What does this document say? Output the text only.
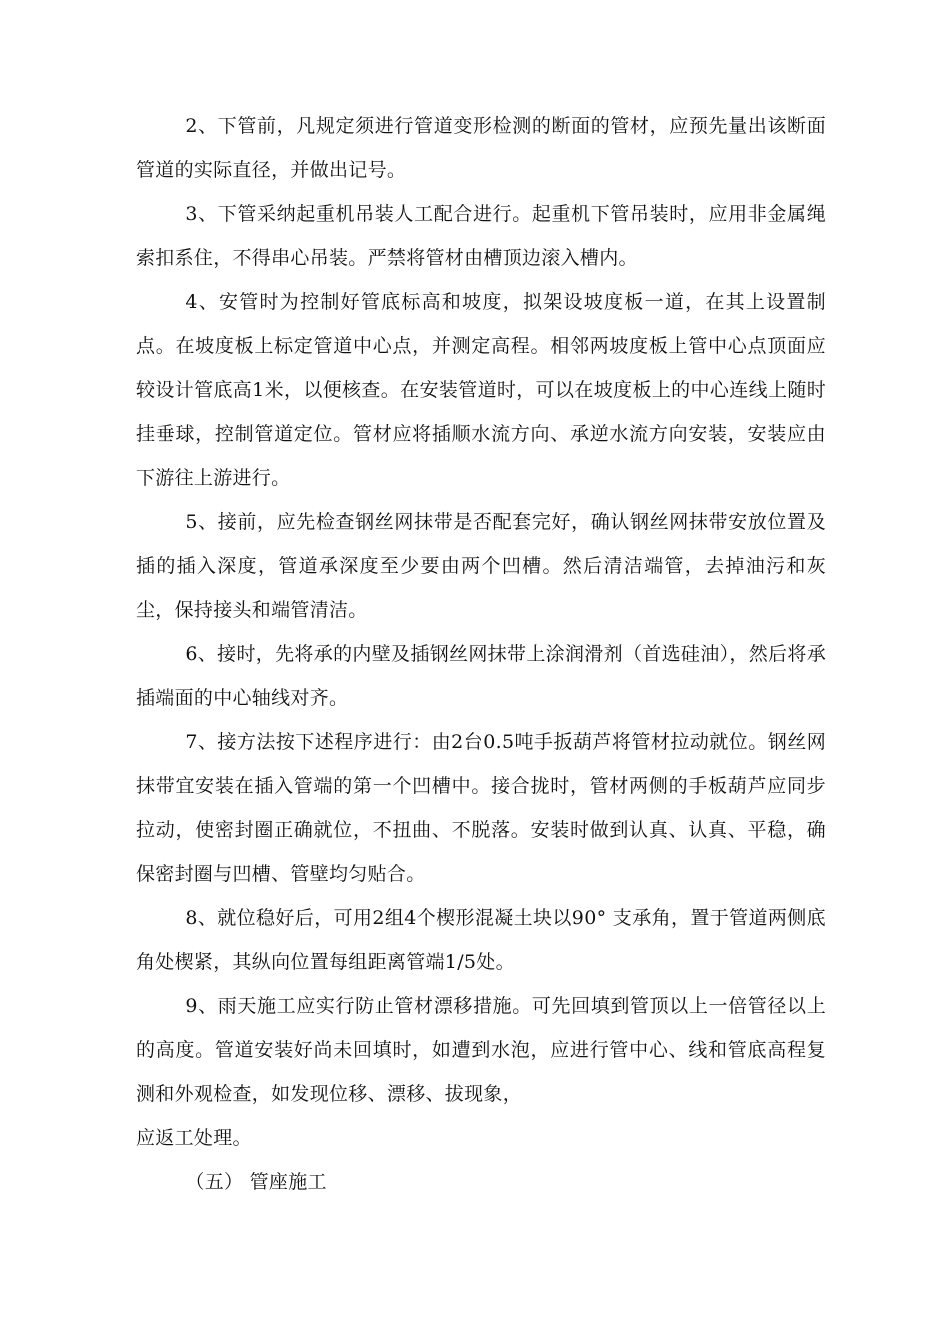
2、下管前，凡规定须进行管道变形检测的断面的管材，应预先量出该断面管道的实际直径，并做出记号。

3、下管采纳起重机吊装人工配合进行。起重机下管吊装时，应用非金属绳索扣系住，不得串心吊装。严禁将管材由槽顶边滚入槽内。

4、安管时为控制好管底标高和坡度，拟架设坡度板一道，在其上设置制点。在坡度板上标定管道中心点，并测定高程。相邻两坡度板上管中心点顶面应较设计管底高1米，以便核查。在安装管道时，可以在坡度板上的中心连线上随时挂垂球，控制管道定位。管材应将插顺水流方向、承逆水流方向安装，安装应由下游往上游进行。

5、接前，应先检查钢丝网抹带是否配套完好，确认钢丝网抹带安放位置及插的插入深度，管道承深度至少要由两个凹槽。然后清洁端管，去掉油污和灰尘，保持接头和端管清洁。

6、接时，先将承的内壁及插钢丝网抹带上涂润滑剂（首选硅油），然后将承插端面的中心轴线对齐。

7、接方法按下述程序进行：由2台0.5吨手扳葫芦将管材拉动就位。钢丝网抹带宜安装在插入管端的第一个凹槽中。接合拢时，管材两侧的手板葫芦应同步拉动，使密封圈正确就位，不扭曲、不脱落。安装时做到认真、认真、平稳，确保密封圈与凹槽、管壁均匀贴合。

8、就位稳好后，可用2组4个楔形混凝土块以90° 支承角，置于管道两侧底角处楔紧，其纵向位置每组距离管端1/5处。

9、雨天施工应实行防止管材漂移措施。可先回填到管顶以上一倍管径以上的高度。管道安装好尚未回填时，如遭到水泡，应进行管中心、线和管底高程复测和外观检查，如发现位移、漂移、拔现象，

应返工处理。

（五） 管座施工
